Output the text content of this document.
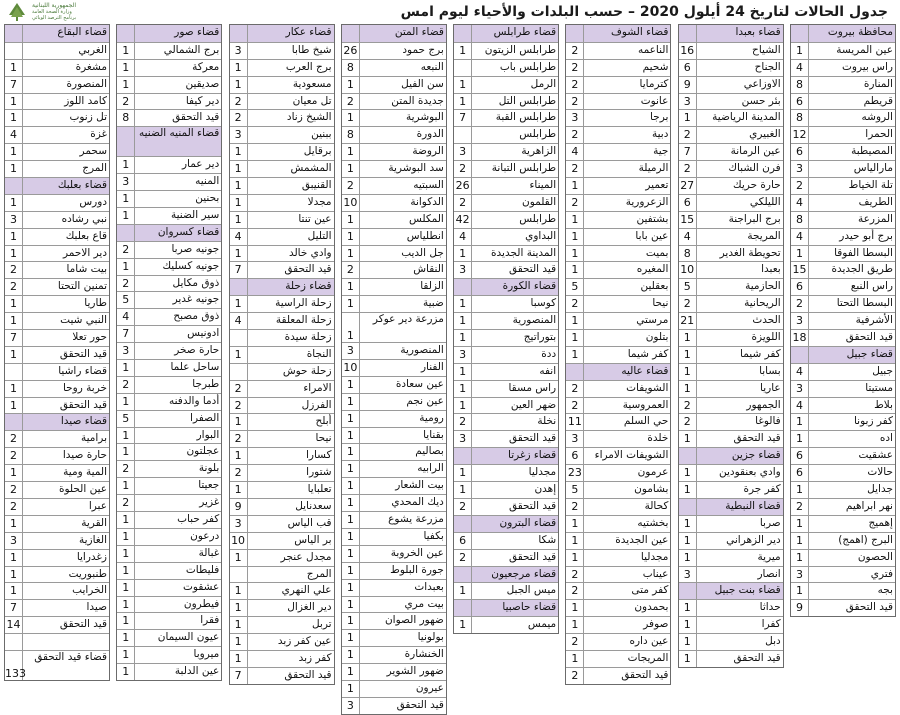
جدول الحالات لتاريخ 24 أيلول 2020 – حسب البلدات والأحياء ليوم امس
الجمهورية اللبنانية
وزارة الصحة العامة
برنامج الترصد الوبائي
محافظة بيروت
عين المريسة
1
راس بيروت
4
المنارة
8
قريطم
6
الروشه
8
الحمرا
12
المصيطبة
6
مارالياس
3
تلة الخياط
2
الطريف
4
المزرعة
8
برج أبو حيدر
4
البسطا الفوقا
1
طريق الجديدة
15
راس النبع
6
البسطا التحتا
2
الأشرفية
3
قيد التحقق
18
قضاء جبيل
جبيل
4
مستيتا
3
بلاط
4
كفر زبونا
1
اده
1
عشقيت
6
حالات
6
جدايل
1
نهر ابراهيم
2
إهميج
1
البرج (اهمج)
1
الحصون
1
فتري
3
بجه
1
قيد التحقق
9
قضاء بعبدا
الشياح
16
الجناح
6
الاوزاعي
9
بئر حسن
3
المدينة الرياضية
1
الغبيري
2
عين الرمانة
7
فرن الشباك
2
حارة حريك
27
الليلكي
6
برج البراجنة
15
المريجة
4
تحويطة الغدير
8
بعبدا
10
الحازمية
5
الريحانية
2
الحدث
21
اللويزة
1
كفر شيما
1
بسابا
1
عاريا
1
الجمهور
2
فالوغا
2
قيد التحقق
1
قضاء جزين
وادي بعنقودين
1
كفر جرة
1
قضاء النبطية
صربا
1
دير الزهراني
1
ميرية
1
انصار
3
قضاء بنت جبيل
حداثا
1
كفرا
1
دبل
1
قيد التحقق
1
قضاء الشوف
الناعمه
2
شحيم
2
كترمايا
2
عانوت
2
برجا
3
دبية
2
جية
4
الرميلة
2
تعمير
1
الزعرورية
2
بشتفين
1
عين بابا
1
بميت
1
المغيره
1
بعقلين
5
نيحا
2
مرستي
1
بتلون
1
كفر شيما
1
قضاء عاليه
الشويفات
2
العمروسية
2
حي السلم
11
خلدة
3
الشويفات الامراء
6
عرمون
23
بشامون
5
كحالة
2
بخشتيه
1
عين الجديدة
1
مجدليا
1
عيناب
2
كفر متى
2
بحمدون
1
صوفر
1
عين داره
2
المريجات
1
قيد التحقق
2
قضاء طرابلس
طرابلس الزيتون
1
طرابلس باب
الرمل
1
طرابلس التل
1
طرابلس القبة
7
طرابلس
الزاهرية
3
طرابلس التبانة
2
الميناء
26
القلمون
2
طرابلس
42
البداوي
4
المدينة الجديدة
1
قيد التحقق
3
قضاء الكورة
كوسبا
1
المنصورية
1
بتوراتيج
1
ددة
3
انفه
1
راس مسقا
1
ضهر العين
1
نخلة
2
قيد التحقق
3
قضاء زغرتا
مجدليا
1
إهدن
1
قيد التحقق
2
قضاء البترون
شكا
6
قيد التحقق
2
قضاء مرجعيون
ميس الجبل
1
قضاء حاصبيا
ميمس
1
قضاء المتن
برج حمود
26
النبعه
8
سن الفيل
1
جديدة المتن
2
البوشرية
1
الدورة
8
الروضة
1
سد البوشرية
1
السبتيه
2
الدكوانة
10
المكلس
1
انطلياس
1
جل الديب
1
النقاش
2
الزلقا
1
ضبية
1
مزرعة دير عوكر
1
المنصورية
3
الفنار
10
عين سعادة
1
عين نجم
1
رومية
1
بقنايا
1
بصاليم
1
الرابيه
1
بيت الشعار
1
ديك المحدي
1
مزرعة يشوع
1
بكفيا
1
عين الخروبة
1
جورة البلوط
1
بعبدات
1
بيت مري
1
ضهور الصوان
1
بولونيا
1
الخنشارة
1
ضهور الشوير
1
عيرون
1
قيد التحقق
3
قضاء عكار
شيخ طابا
3
برج العرب
1
مسعودية
1
تل معيان
2
الشيخ زناد
2
ببنين
3
برقايل
1
المشمش
1
القنيبق
1
مجدلا
1
عين تنتا
1
التليل
4
وادي خالد
1
قيد التحقق
7
قضاء زحلة
زحلة الراسية
1
زحلة المعلقة
4
زحلة سيدة
النجاة
1
زحلة حوش
الامراء
2
الفرزل
2
أبلح
1
نيحا
2
كسارا
1
شتورا
2
تعلبايا
1
سعدنايل
9
قب الياس
3
بر الياس
10
مجدل عنجر
1
المرج
علي النهري
1
دير الغزال
1
تربل
1
عين كفر زبد
1
كفر زبد
1
قيد التحقق
7
قضاء صور
برج الشمالي
1
معركة
1
صديقين
1
دير كيفا
2
قيد التحقق
8
قضاء المنيه الضنيه
دير عمار
1
المنيه
3
بحنين
1
سير الضنية
1
قضاء كسروان
جونيه صربا
2
جونيه كسليك
1
ذوق مكايل
2
جونيه غدير
5
ذوق مصبح
4
ادونيس
7
حارة صخر
3
ساحل علما
1
طبرجا
2
أدما والدفنه
1
الصفرا
5
البوار
1
عجلتون
1
بلونة
2
جعيتا
1
غزير
2
كفر حباب
1
درعون
1
غبالة
1
فليطات
1
عشقوت
1
فيطرون
1
فقرا
1
عيون السيمان
1
ميروبا
1
عين الدلبة
1
قضاء البقاع
الغربي
مشغرة
1
المنصورة
7
كامد اللوز
1
تل زنوب
1
غزة
4
سحمر
1
المرج
1
قضاء بعلبك
دورس
1
نبي رشاده
3
قاع بعلبك
1
دير الاحمر
1
بيت شاما
2
تمنين التحتا
2
طاريا
1
النبي شيت
1
حور تعلا
7
قيد التحقق
1
قضاء راشيا
خربة روحا
1
قيد التحقق
1
قضاء صيدا
برامية
2
حارة صيدا
2
المية ومية
1
عين الحلوة
2
عبرا
2
القرية
1
الغازية
3
زغدرايا
1
طنبوريت
1
الخرايب
1
صيدا
7
قيد التحقق
14
قضاء قيد التحقق
133
